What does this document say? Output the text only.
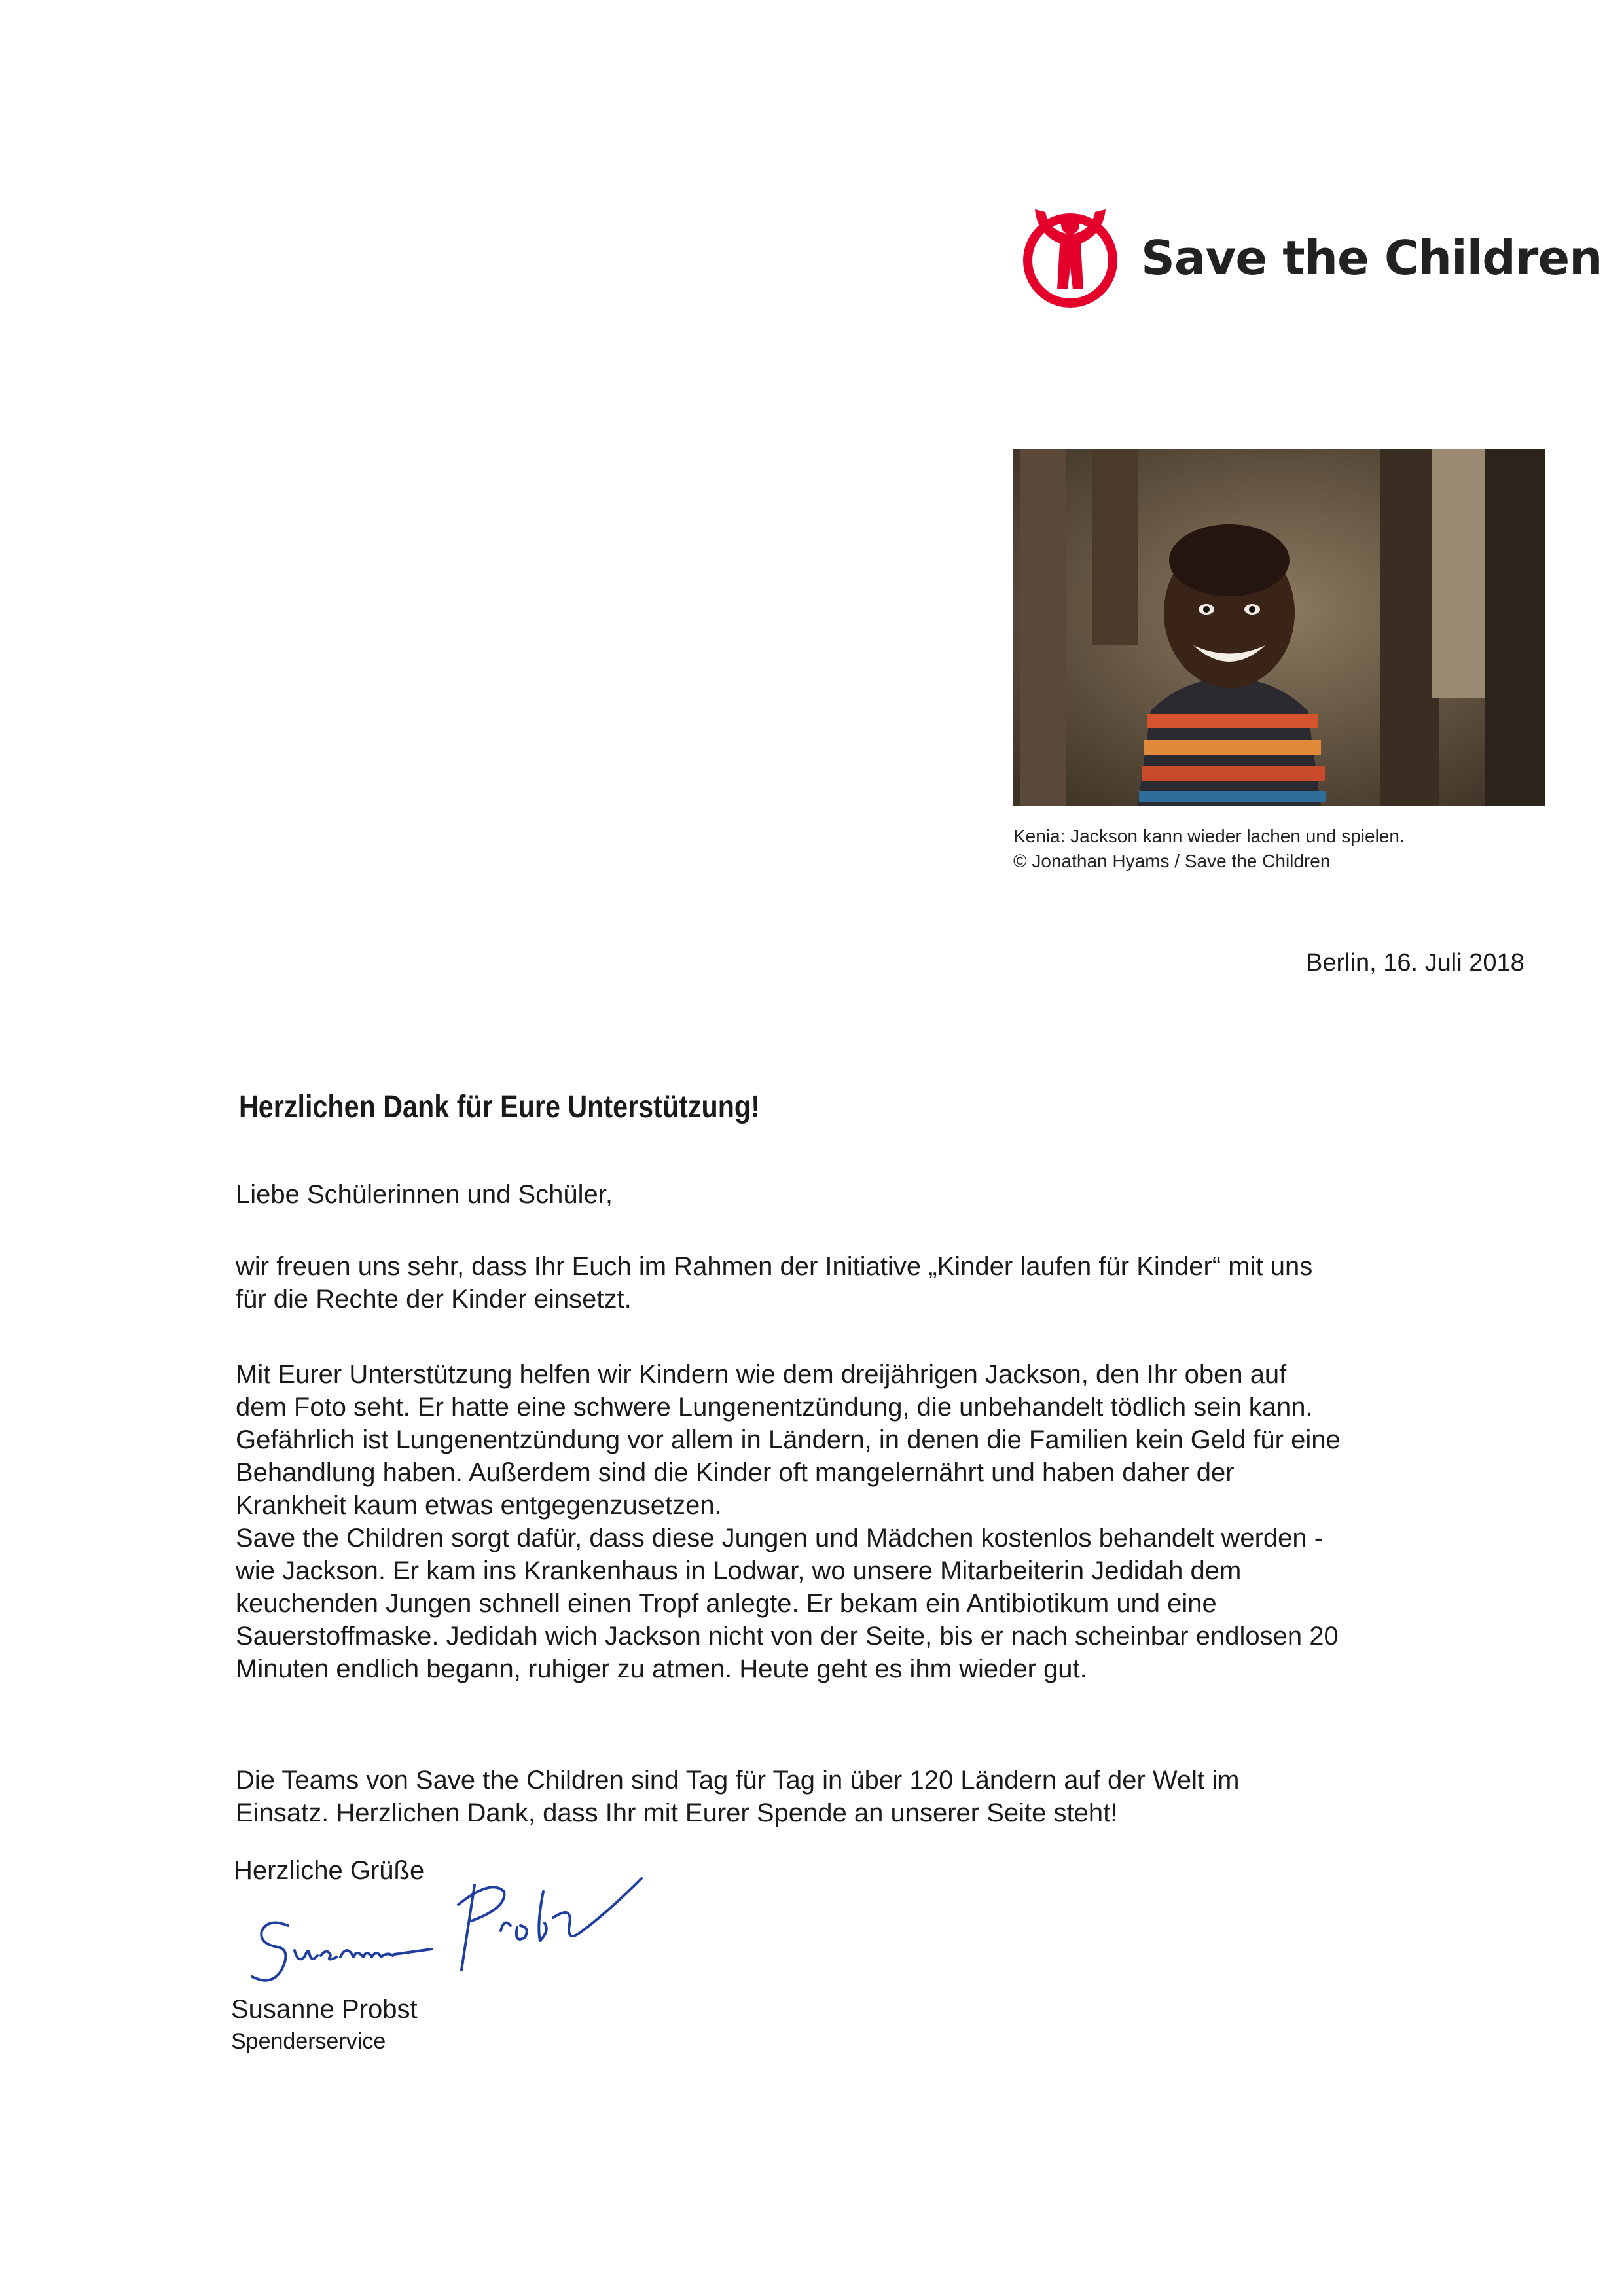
Save the Children
Kenia: Jackson kann wieder lachen und spielen.
© Jonathan Hyams / Save the Children
Berlin, 16. Juli 2018
Herzlichen Dank für Eure Unterstützung!

Liebe Schülerinnen und Schüler,

wir freuen uns sehr, dass Ihr Euch im Rahmen der Initiative „Kinder laufen für Kinder“ mit uns
für die Rechte der Kinder einsetzt.

Mit Eurer Unterstützung helfen wir Kindern wie dem dreijährigen Jackson, den Ihr oben auf
dem Foto seht. Er hatte eine schwere Lungenentzündung, die unbehandelt tödlich sein kann.
Gefährlich ist Lungenentzündung vor allem in Ländern, in denen die Familien kein Geld für eine
Behandlung haben. Außerdem sind die Kinder oft mangelernährt und haben daher der
Krankheit kaum etwas entgegenzusetzen.
Save the Children sorgt dafür, dass diese Jungen und Mädchen kostenlos behandelt werden -
wie Jackson. Er kam ins Krankenhaus in Lodwar, wo unsere Mitarbeiterin Jedidah dem
keuchenden Jungen schnell einen Tropf anlegte. Er bekam ein Antibiotikum und eine
Sauerstoffmaske. Jedidah wich Jackson nicht von der Seite, bis er nach scheinbar endlosen 20
Minuten endlich begann, ruhiger zu atmen. Heute geht es ihm wieder gut.

Die Teams von Save the Children sind Tag für Tag in über 120 Ländern auf der Welt im
Einsatz. Herzlichen Dank, dass Ihr mit Eurer Spende an unserer Seite steht!

Herzliche Grüße
Susanne Probst
Spenderservice
